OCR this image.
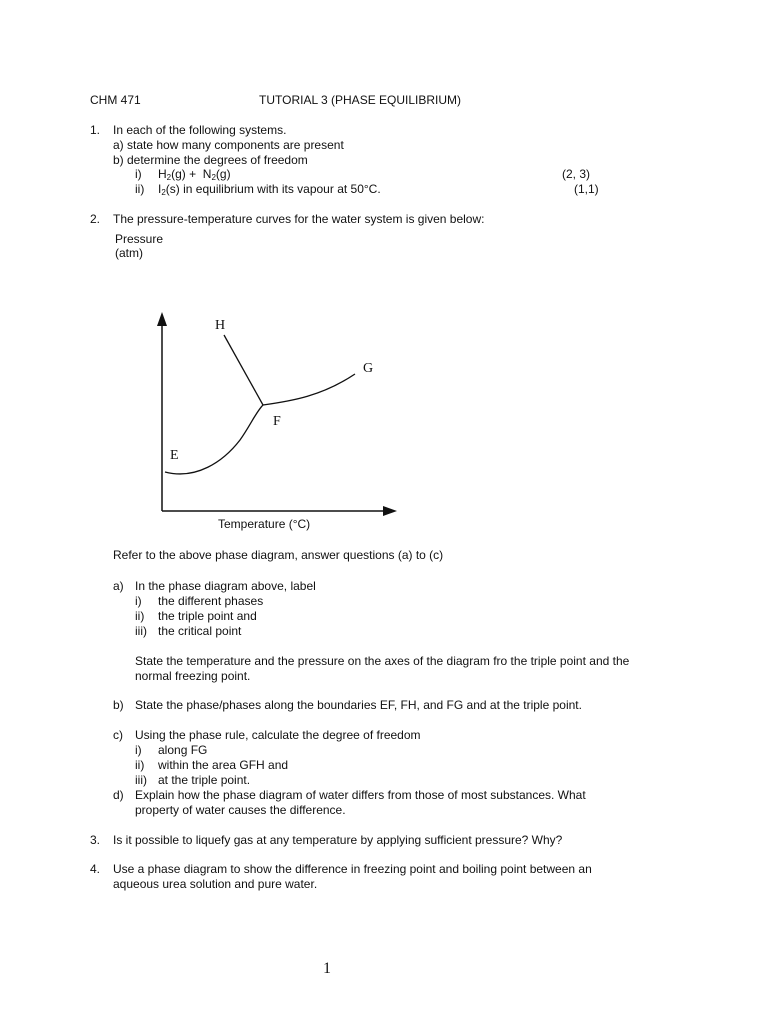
CHM 471	TUTORIAL 3 (PHASE EQUILIBRIUM)
1. In each of the following systems.
a) state how many components are present
b) determine the degrees of freedom
i) $H_2(g) + N_2(g)$	(2, 3)
ii) $I_2(s)$ in equilibrium with its vapour at 50°C.	(1,1)
2. The pressure-temperature curves for the water system is given below:
Pressure
(atm)
H
G
F
E
Temperature (°C)
Refer to the above phase diagram, answer questions (a) to (c)
a) In the phase diagram above, label
i) the different phases
ii) the triple point and
iii) the critical point
State the temperature and the pressure on the axes of the diagram fro the triple point and the
normal freezing point.
b) State the phase/phases along the boundaries EF, FH, and FG and at the triple point.
c) Using the phase rule, calculate the degree of freedom
i) along FG
ii) within the area GFH and
iii) at the triple point.
d) Explain how the phase diagram of water differs from those of most substances. What
property of water causes the difference.
3. Is it possible to liquefy gas at any temperature by applying sufficient pressure? Why?
4. Use a phase diagram to show the difference in freezing point and boiling point between an
aqueous urea solution and pure water.
1
